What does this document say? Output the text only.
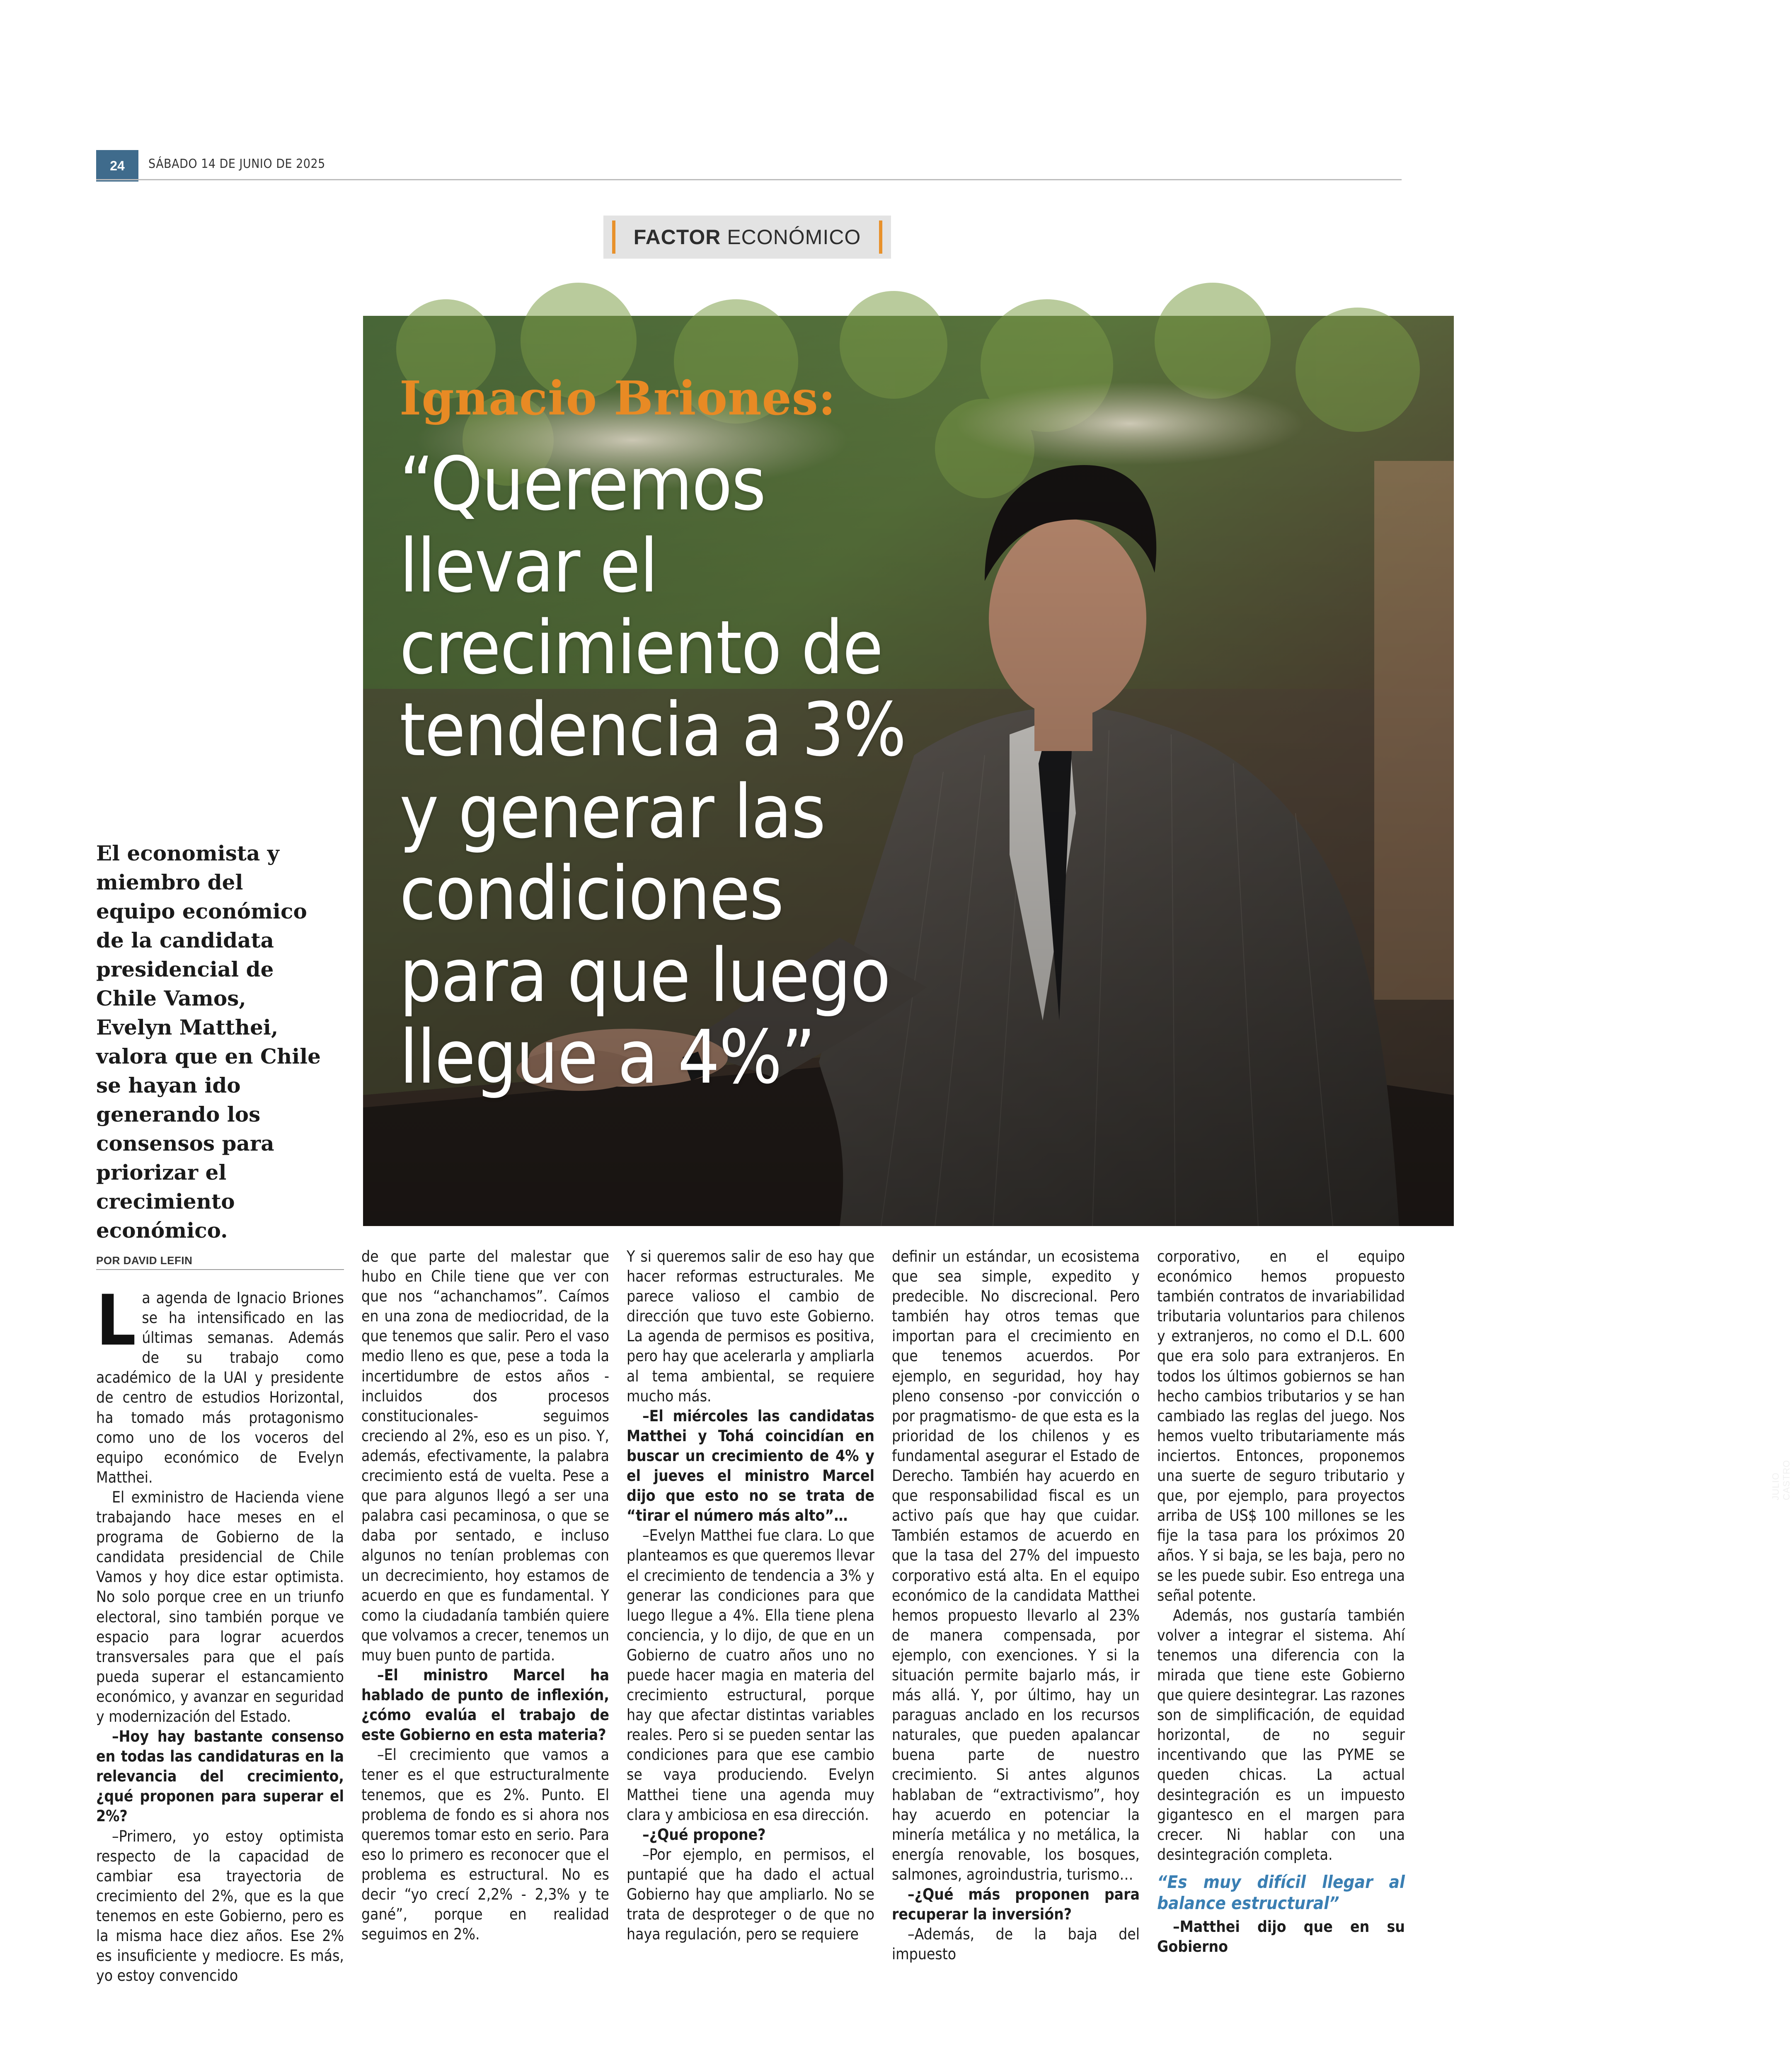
24	SÁBADO 14 DE JUNIO DE 2025
FACTOR ECONÓMICO
JULIO CASTRO
Ignacio Briones:
“Queremos llevar el crecimiento de tendencia a 3% y generar las condiciones para que luego llegue a 4%”
El economista y miembro del equipo económico de la candidata presidencial de Chile Vamos, Evelyn Matthei, valora que en Chile se hayan ido generando los consensos para priorizar el crecimiento económico.
POR DAVID LEFIN

La agenda de Ignacio Briones se ha intensificado en las últimas semanas. Además de su trabajo como académico de la UAI y presidente de centro de estudios Horizontal, ha tomado más protagonismo como uno de los voceros del equipo económico de Evelyn Matthei.

El exministro de Hacienda viene trabajando hace meses en el programa de Gobierno de la candidata presidencial de Chile Vamos y hoy dice estar optimista. No solo porque cree en un triunfo electoral, sino también porque ve espacio para lograr acuerdos transversales para que el país pueda superar el estancamiento económico, y avanzar en seguridad y modernización del Estado.

–Hoy hay bastante consenso en todas las candidaturas en la relevancia del crecimiento, ¿qué proponen para superar el 2%?

–Primero, yo estoy optimista respecto de la capacidad de cambiar esa trayectoria de crecimiento del 2%, que es la que tenemos en este Gobierno, pero es la misma hace diez años. Ese 2% es insuficiente y mediocre. Es más, yo estoy convencido

de que parte del malestar que hubo en Chile tiene que ver con que nos “achanchamos”. Caímos en una zona de mediocridad, de la que tenemos que salir. Pero el vaso medio lleno es que, pese a toda la incertidumbre de estos años -incluidos dos procesos constitucionales- seguimos creciendo al 2%, eso es un piso. Y, además, efectivamente, la palabra crecimiento está de vuelta. Pese a que para algunos llegó a ser una palabra casi pecaminosa, o que se daba por sentado, e incluso algunos no tenían problemas con un decrecimiento, hoy estamos de acuerdo en que es fundamental. Y como la ciudadanía también quiere que volvamos a crecer, tenemos un muy buen punto de partida.

–El ministro Marcel ha hablado de punto de inflexión, ¿cómo evalúa el trabajo de este Gobierno en esta materia?

–El crecimiento que vamos a tener es el que estructuralmente tenemos, que es 2%. Punto. El problema de fondo es si ahora nos queremos tomar esto en serio. Para eso lo primero es reconocer que el problema es estructural. No es decir “yo crecí 2,2% - 2,3% y te gané”, porque en realidad seguimos en 2%.

Y si queremos salir de eso hay que hacer reformas estructurales. Me parece valioso el cambio de dirección que tuvo este Gobierno. La agenda de permisos es positiva, pero hay que acelerarla y ampliarla al tema ambiental, se requiere mucho más.

–El miércoles las candidatas Matthei y Tohá coincidían en buscar un crecimiento de 4% y el jueves el ministro Marcel dijo que esto no se trata de “tirar el número más alto”…

–Evelyn Matthei fue clara. Lo que planteamos es que queremos llevar el crecimiento de tendencia a 3% y generar las condiciones para que luego llegue a 4%. Ella tiene plena conciencia, y lo dijo, de que en un Gobierno de cuatro años uno no puede hacer magia en materia del crecimiento estructural, porque hay que afectar distintas variables reales. Pero si se pueden sentar las condiciones para que ese cambio se vaya produciendo. Evelyn Matthei tiene una agenda muy clara y ambiciosa en esa dirección.

–¿Qué propone?

–Por ejemplo, en permisos, el puntapié que ha dado el actual Gobierno hay que ampliarlo. No se trata de desproteger o de que no haya regulación, pero se requiere

definir un estándar, un ecosistema que sea simple, expedito y predecible. No discrecional. Pero también hay otros temas que importan para el crecimiento en que tenemos acuerdos. Por ejemplo, en seguridad, hoy hay pleno consenso -por convicción o por pragmatismo- de que esta es la prioridad de los chilenos y es fundamental asegurar el Estado de Derecho. También hay acuerdo en que responsabilidad fiscal es un activo país que hay que cuidar. También estamos de acuerdo en que la tasa del 27% del impuesto corporativo está alta. En el equipo económico de la candidata Matthei hemos propuesto llevarlo al 23% de manera compensada, por ejemplo, con exenciones. Y si la situación permite bajarlo más, ir más allá. Y, por último, hay un paraguas anclado en los recursos naturales, que pueden apalancar buena parte de nuestro crecimiento. Si antes algunos hablaban de “extractivismo”, hoy hay acuerdo en potenciar la minería metálica y no metálica, la energía renovable, los bosques, salmones, agroindustria, turismo…

–¿Qué más proponen para recuperar la inversión?

–Además, de la baja del impuesto

corporativo, en el equipo económico hemos propuesto también contratos de invariabilidad tributaria voluntarios para chilenos y extranjeros, no como el D.L. 600 que era solo para extranjeros. En todos los últimos gobiernos se han hecho cambios tributarios y se han cambiado las reglas del juego. Nos hemos vuelto tributariamente más inciertos. Entonces, proponemos una suerte de seguro tributario y que, por ejemplo, para proyectos arriba de US$ 100 millones se les fije la tasa para los próximos 20 años. Y si baja, se les baja, pero no se les puede subir. Eso entrega una señal potente.

Además, nos gustaría también volver a integrar el sistema. Ahí tenemos una diferencia con la mirada que tiene este Gobierno que quiere desintegrar. Las razones son de simplificación, de equidad horizontal, de no seguir incentivando que las PYME se queden chicas. La actual desintegración es un impuesto gigantesco en el margen para crecer. Ni hablar con una desintegración completa.

“Es muy difícil llegar al balance estructural”

–Matthei dijo que en su Gobierno
